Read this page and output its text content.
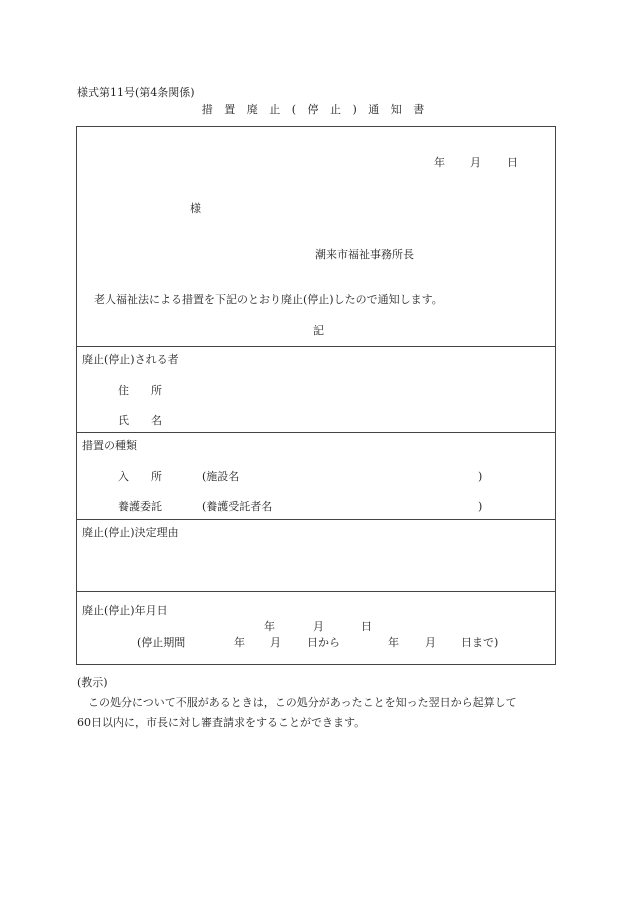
様式第11号(第4条関係)
措 置 廃 止 ( 停 止 ) 通 知 書
年 月 日
様
潮来市福祉事務所長
老人福祉法による措置を下記のとおり廃止(停止)したので通知します。
記
廃止(停止)される者
住　　所
氏　　名
措置の種類
入　　所	(施設名	)
養護委託	(養護受託者名	)
廃止(停止)決定理由
廃止(停止)年月日
年	月	日
(停止期間	年 月 日から	年 月 日まで)
(教示)
この処分について不服があるときは，この処分があったことを知った翌日から起算して
60日以内に，市長に対し審査請求をすることができます。
